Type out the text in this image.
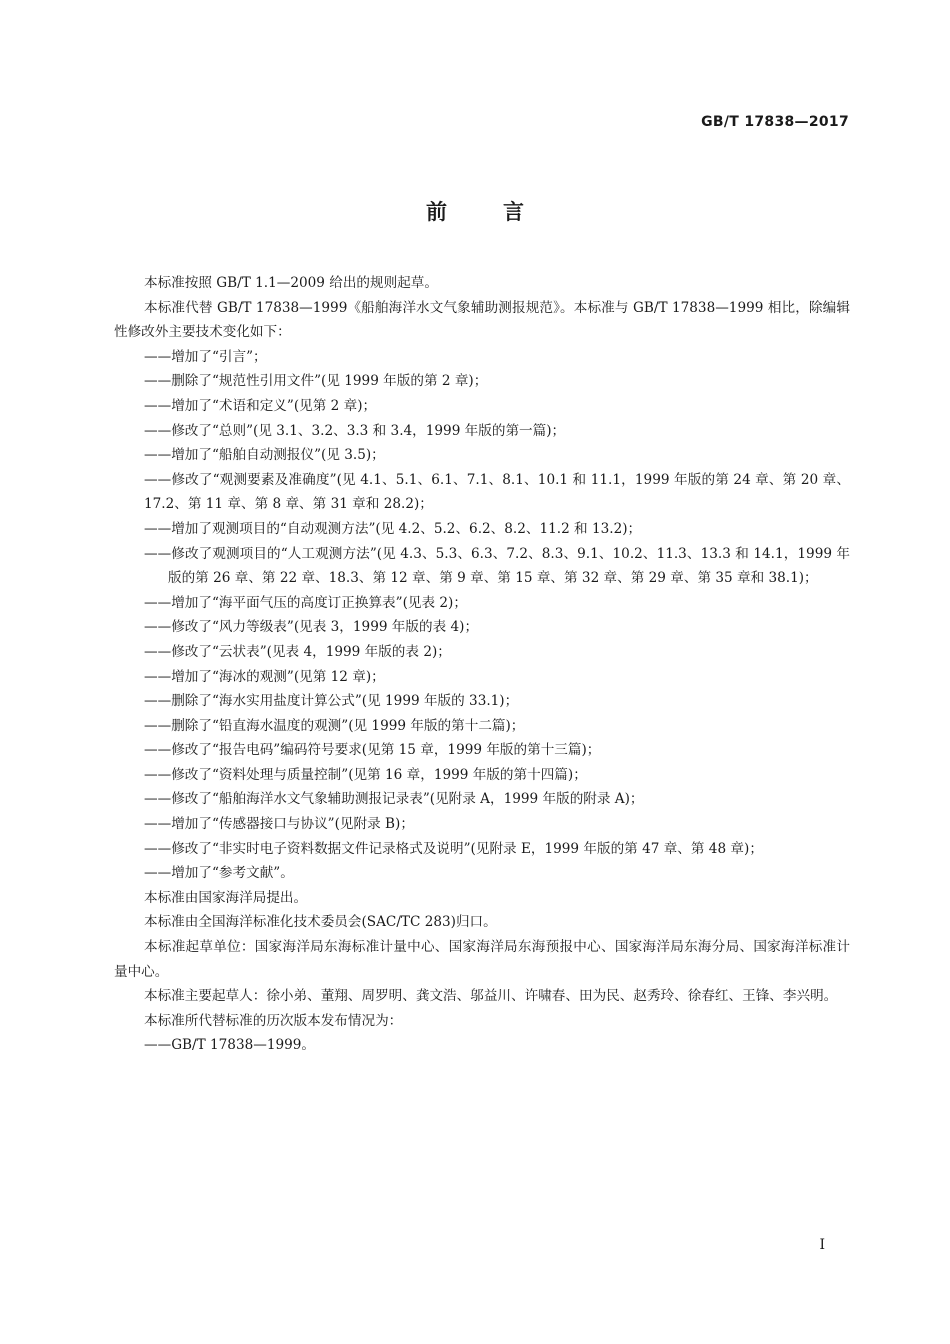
GB/T 17838—2017
前言
本标准按照 GB/T 1.1—2009 给出的规则起草。
本标准代替 GB/T 17838—1999《船舶海洋水文气象辅助测报规范》。本标准与 GB/T 17838—1999 相比，除编辑性修改外主要技术变化如下：
——增加了“引言”；
——删除了“规范性引用文件”(见 1999 年版的第 2 章)；
——增加了“术语和定义”(见第 2 章)；
——修改了“总则”(见 3.1、3.2、3.3 和 3.4，1999 年版的第一篇)；
——增加了“船舶自动测报仪”(见 3.5)；
——修改了“观测要素及准确度”(见 4.1、5.1、6.1、7.1、8.1、10.1 和 11.1，1999 年版的第 24 章、第 20 章、17.2、第 11 章、第 8 章、第 31 章和 28.2)；
——增加了观测项目的“自动观测方法”(见 4.2、5.2、6.2、8.2、11.2 和 13.2)；
——修改了观测项目的“人工观测方法”(见 4.3、5.3、6.3、7.2、8.3、9.1、10.2、11.3、13.3 和 14.1，1999 年版的第 26 章、第 22 章、18.3、第 12 章、第 9 章、第 15 章、第 32 章、第 29 章、第 35 章和 38.1)；
——增加了“海平面气压的高度订正换算表”(见表 2)；
——修改了“风力等级表”(见表 3，1999 年版的表 4)；
——修改了“云状表”(见表 4，1999 年版的表 2)；
——增加了“海冰的观测”(见第 12 章)；
——删除了“海水实用盐度计算公式”(见 1999 年版的 33.1)；
——删除了“铅直海水温度的观测”(见 1999 年版的第十二篇)；
——修改了“报告电码”编码符号要求(见第 15 章，1999 年版的第十三篇)；
——修改了“资料处理与质量控制”(见第 16 章，1999 年版的第十四篇)；
——修改了“船舶海洋水文气象辅助测报记录表”(见附录 A，1999 年版的附录 A)；
——增加了“传感器接口与协议”(见附录 B)；
——修改了“非实时电子资料数据文件记录格式及说明”(见附录 E，1999 年版的第 47 章、第 48 章)；
——增加了“参考文献”。
本标准由国家海洋局提出。
本标准由全国海洋标准化技术委员会(SAC/TC 283)归口。
本标准起草单位：国家海洋局东海标准计量中心、国家海洋局东海预报中心、国家海洋局东海分局、国家海洋标准计量中心。
本标准主要起草人：徐小弟、董翔、周罗明、龚文浩、邬益川、许啸春、田为民、赵秀玲、徐春红、王锋、李兴明。
本标准所代替标准的历次版本发布情况为：
——GB/T 17838—1999。
I
